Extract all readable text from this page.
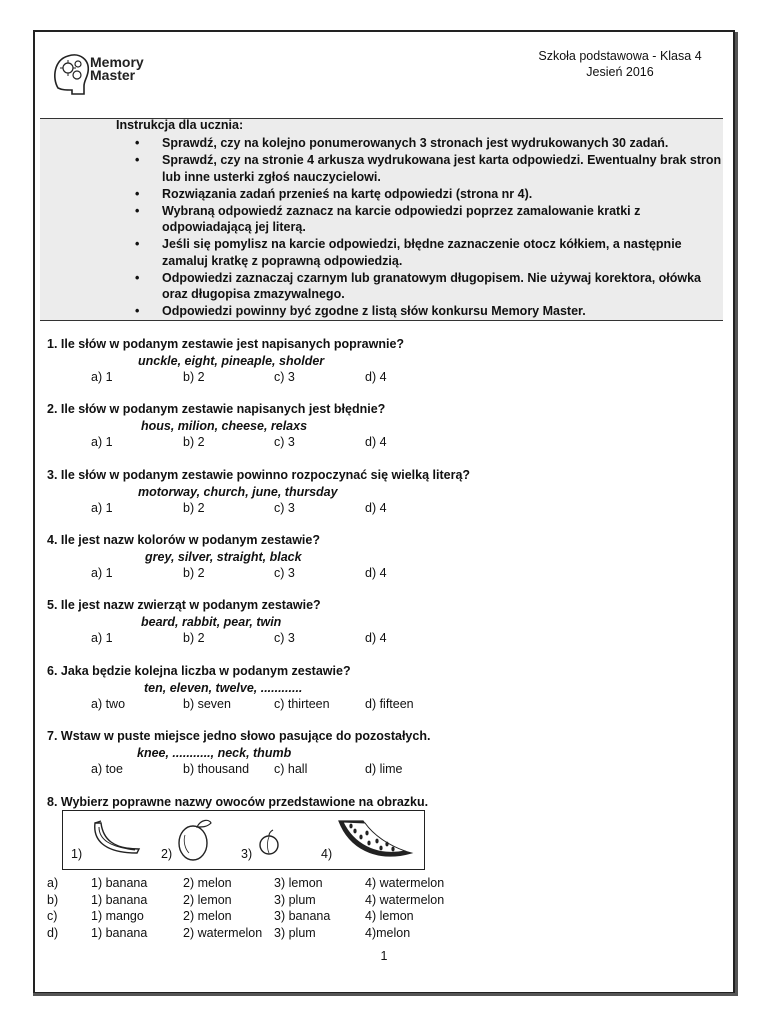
Memory
Master
Szkoła podstawowa - Klasa 4
Jesień 2016
Instrukcja dla ucznia:
• Sprawdź, czy na kolejno ponumerowanych 3 stronach jest wydrukowanych 30 zadań.
• Sprawdź, czy na stronie 4 arkusza wydrukowana jest karta odpowiedzi. Ewentualny brak stron lub inne usterki zgłoś nauczycielowi.
• Rozwiązania zadań przenieś na kartę odpowiedzi (strona nr 4).
• Wybraną odpowiedź zaznacz na karcie odpowiedzi poprzez zamalowanie kratki z odpowiadającą jej literą.
• Jeśli się pomylisz na karcie odpowiedzi, błędne zaznaczenie otocz kółkiem, a następnie zamaluj kratkę z poprawną odpowiedzią.
• Odpowiedzi zaznaczaj czarnym lub granatowym długopisem. Nie używaj korektora, ołówka oraz długopisa zmazywalnego.
• Odpowiedzi powinny być zgodne z listą słów konkursu Memory Master.
1. Ile słów w podanym zestawie jest napisanych poprawnie?
unckle, eight, pineaple, sholder
a) 1	b) 2	c) 3	d) 4
2. Ile słów w podanym zestawie napisanych jest błędnie?
hous, milion, cheese, relaxs
a) 1	b) 2	c) 3	d) 4
3. Ile słów w podanym zestawie powinno rozpoczynać się wielką literą?
motorway, church, june, thursday
a) 1	b) 2	c) 3	d) 4
4. Ile jest nazw kolorów w podanym zestawie?
grey, silver, straight, black
a) 1	b) 2	c) 3	d) 4
5. Ile jest nazw zwierząt w podanym zestawie?
beard, rabbit, pear, twin
a) 1	b) 2	c) 3	d) 4
6. Jaka będzie kolejna liczba w podanym zestawie?
ten, eleven, twelve, ............
a) two	b) seven	c) thirteen	d) fifteen
7. Wstaw w puste miejsce jedno słowo pasujące do pozostałych.
knee, ..........., neck, thumb
a) toe	b) thousand c) hall	d) lime
8. Wybierz poprawne nazwy owoców przedstawione na obrazku.
1)	2)	3)	4)
a)	1) banana	2) melon	3) lemon	4) watermelon
b)	1) banana	2) lemon	3) plum	4) watermelon
c)	1) mango	2) melon	3) banana	4) lemon
d)	1) banana	2) watermelon 3) plum	4)melon
1
